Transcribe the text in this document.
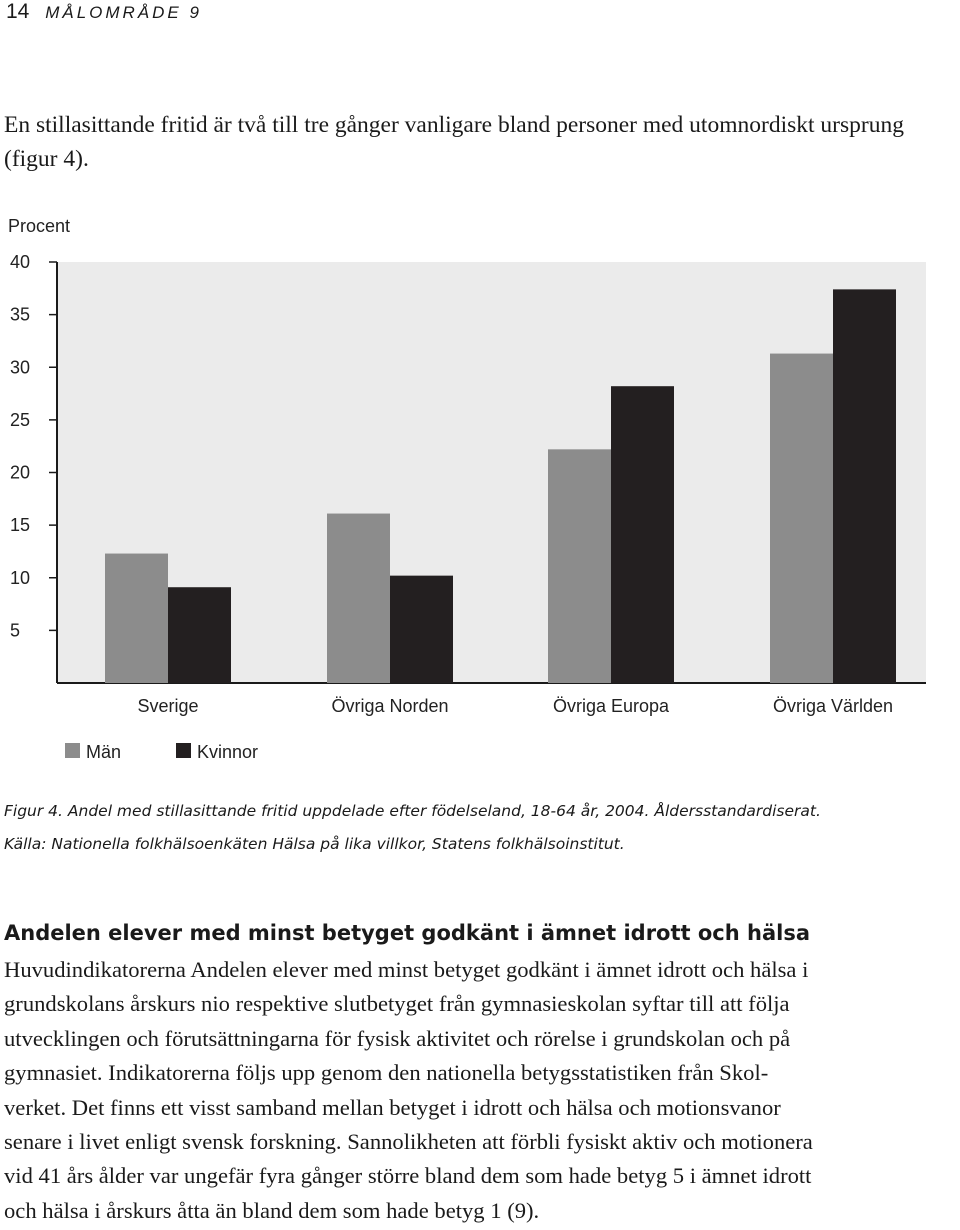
14 MÅLOMRÅDE 9

En stillasittande fritid är två till tre gånger vanligare bland personer med utomnordiskt ursprung (figur 4).

Procent
40
35
30
25
20
15
10
5
Sverige	Övriga Norden	Övriga Europa	Övriga Världen
Män	Kvinnor

Figur 4. Andel med stillasittande fritid uppdelade efter födelseland, 18-64 år, 2004. Åldersstandardiserat.
Källa: Nationella folkhälsoenkäten Hälsa på lika villkor, Statens folkhälsoinstitut.

Andelen elever med minst betyget godkänt i ämnet idrott och hälsa

Huvudindikatorerna Andelen elever med minst betyget godkänt i ämnet idrott och hälsa i
grundskolans årskurs nio respektive slutbetyget från gymnasieskolan syftar till att följa
utvecklingen och förutsättningarna för fysisk aktivitet och rörelse i grundskolan och på
gymnasiet. Indikatorerna följs upp genom den nationella betygsstatistiken från Skol-
verket. Det finns ett visst samband mellan betyget i idrott och hälsa och motionsvanor
senare i livet enligt svensk forskning. Sannolikheten att förbli fysiskt aktiv och motionera
vid 41 års ålder var ungefär fyra gånger större bland dem som hade betyg 5 i ämnet idrott
och hälsa i årskurs åtta än bland dem som hade betyg 1 (9).
